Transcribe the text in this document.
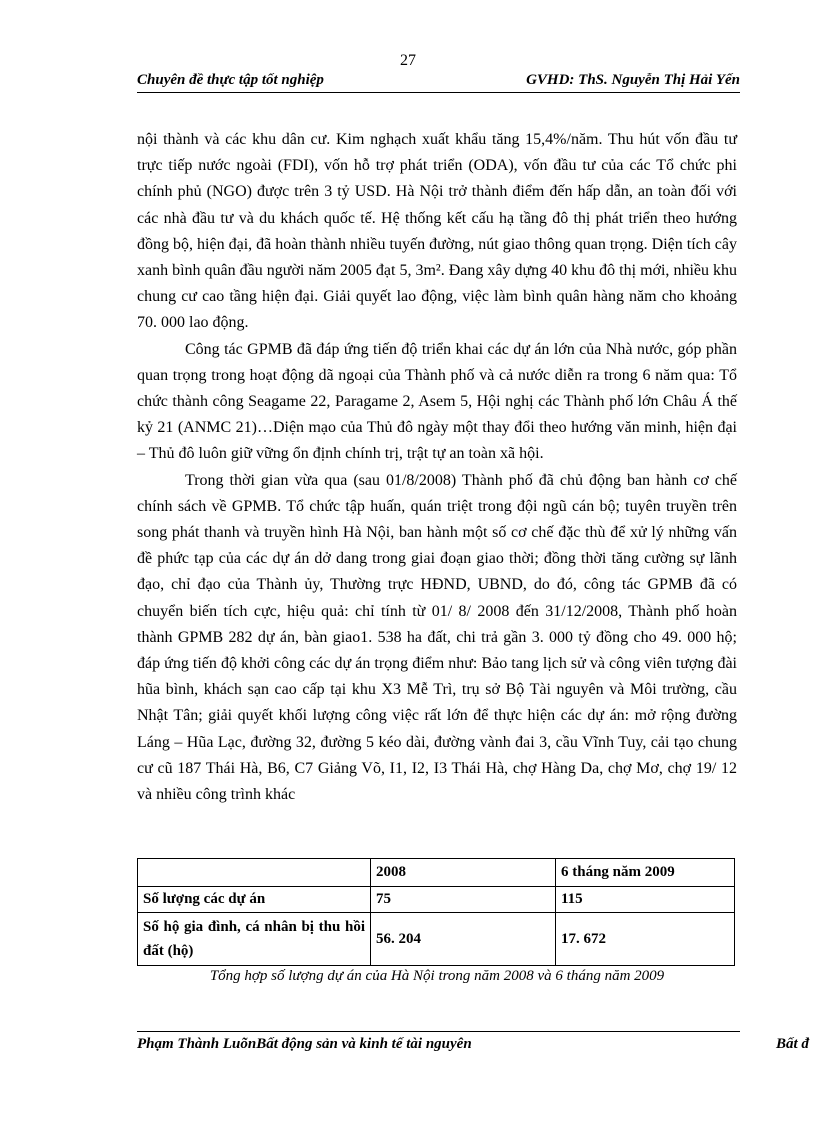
27
Chuyên đề thực tập tốt nghiệp	GVHD: ThS. Nguyễn Thị Hải Yến

nội thành và các khu dân cư. Kim nghạch xuất khẩu tăng 15,4%/năm. Thu hút vốn đầu tư trực tiếp nước ngoài (FDI), vốn hỗ trợ phát triển (ODA), vốn đầu tư của các Tổ chức phi chính phủ (NGO) được trên 3 tỷ USD. Hà Nội trở thành điểm đến hấp dẫn, an toàn đối với các nhà đầu tư và du khách quốc tế. Hệ thống kết cấu hạ tầng đô thị phát triển theo hướng đồng bộ, hiện đại, đã hoàn thành nhiều tuyến đường, nút giao thông quan trọng. Diện tích cây xanh bình quân đầu người năm 2005 đạt 5, 3m². Đang xây dựng 40 khu đô thị mới, nhiều khu chung cư cao tầng hiện đại. Giải quyết lao động, việc làm bình quân hàng năm cho khoảng 70. 000 lao động.

Công tác GPMB đã đáp ứng tiến độ triển khai các dự án lớn của Nhà nước, góp phần quan trọng trong hoạt động dã ngoại của Thành phố và cả nước diễn ra trong 6 năm qua: Tổ chức thành công Seagame 22, Paragame 2, Asem 5, Hội nghị các Thành phố lớn Châu Á thế kỷ 21 (ANMC 21)…Diện mạo của Thủ đô ngày một thay đổi theo hướng văn minh, hiện đại – Thủ đô luôn giữ vững ổn định chính trị, trật tự an toàn xã hội.

Trong thời gian vừa qua (sau 01/8/2008) Thành phố đã chủ động ban hành cơ chế chính sách về GPMB. Tổ chức tập huấn, quán triệt trong đội ngũ cán bộ; tuyên truyền trên song phát thanh và truyền hình Hà Nội, ban hành một số cơ chế đặc thù để xử lý những vấn đề phức tạp của các dự án dở dang trong giai đoạn giao thời; đồng thời tăng cường sự lãnh đạo, chỉ đạo của Thành ủy, Thường trực HĐND, UBND, do đó, công tác GPMB đã có chuyển biến tích cực, hiệu quả: chỉ tính từ 01/ 8/ 2008 đến 31/12/2008, Thành phố hoàn thành GPMB 282 dự án, bàn giao1. 538 ha đất, chi trả gần 3. 000 tỷ đồng cho 49. 000 hộ; đáp ứng tiến độ khởi công các dự án trọng điểm như: Bảo tang lịch sử và công viên tượng đài hũa bình, khách sạn cao cấp tại khu X3 Mễ Trì, trụ sở Bộ Tài nguyên và Môi trường, cầu Nhật Tân; giải quyết khối lượng công việc rất lớn để thực hiện các dự án: mở rộng đường Láng – Hũa Lạc, đường 32, đường 5 kéo dài, đường vành đai 3, cầu Vĩnh Tuy, cải tạo chung cư cũ 187 Thái Hà, B6, C7 Giảng Võ, I1, I2, I3 Thái Hà, chợ Hàng Da, chợ Mơ, chợ 19/ 12 và nhiều công trình khác

	2008	6 tháng năm 2009
Số lượng các dự án	75	115
Số hộ gia đình, cá nhân bị thu hồi đất (hộ)	56. 204	17. 672
Tổng hợp số lượng dự án của Hà Nội trong năm 2008 và 6 tháng năm 2009
Phạm Thành LuõnBất động sản và kinh tế tài nguyên	Bất đ
